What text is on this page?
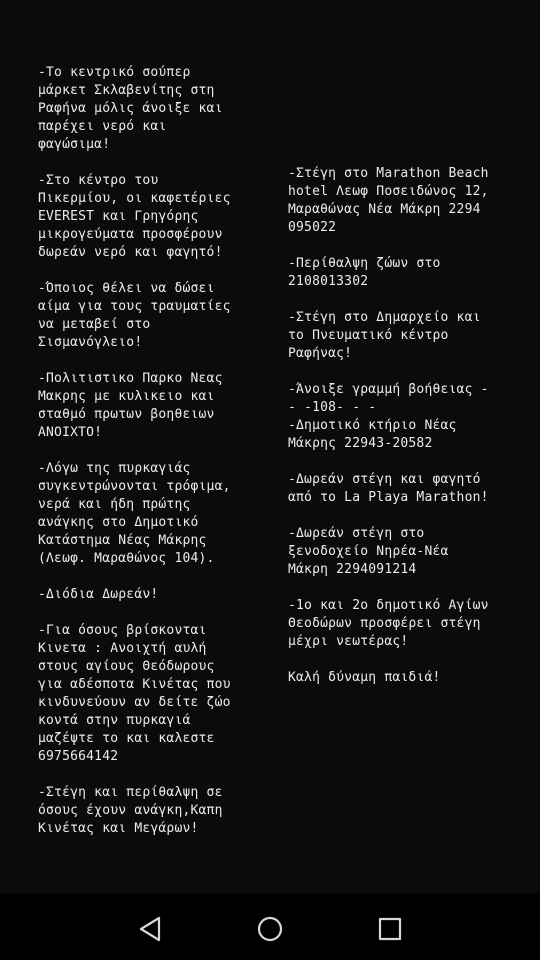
-Το κεντρικό σούπερ
μάρκετ Σκλαβενίτης στη
Ραφήνα μόλις άνοιξε και
παρέχει νερό και
φαγώσιμα!
-Στο κέντρο του
Πικερμίου, οι καφετέριες
EVEREST και Γρηγόρης
μικρογεύματα προσφέρουν
δωρεάν νερό και φαγητό!
-Όποιος θέλει να δώσει
αίμα για τους τραυματίες
να μεταβεί στο
Σισμανόγλειο!
-Πολιτιστικο Παρκο Νεας
Μακρης με κυλικειο και
σταθμό πρωτων βοηθειων
ΑΝΟΙΧΤΟ!
-Λόγω της πυρκαγιάς
συγκεντρώνονται τρόφιμα,
νερά και ήδη πρώτης
ανάγκης στο Δημοτικό
Κατάστημα Νέας Μάκρης
(Λεωφ. Μαραθώνος 104).
-Διόδια Δωρεάν!
-Για όσους βρίσκονται
Κινετα : Ανοιχτή αυλή
στους αγίους Θεόδωρους
για αδέσποτα Κινέτας που
κινδυνεύουν αν δείτε ζώο
κοντά στην πυρκαγιά
μαζέψτε το και καλεστε
6975664142
-Στέγη και περίθαλψη σε
όσους έχουν ανάγκη,Καπη
Κινέτας και Μεγάρων!
-Στέγη στο Marathon Beach
hotel Λεωφ Ποσειδώνος 12,
Μαραθώνας Νέα Μάκρη 2294
095022
-Περίθαλψη ζώων στο
2108013302
-Στέγη στο Δημαρχείο και
το Πνευματικό κέντρο
Ραφήνας!
-Άνοιξε γραμμή βοήθειας -
- -108- - -
-Δημοτικό κτήριο Νέας
Μάκρης 22943-20582
-Δωρεάν στέγη και φαγητό
από το La Playa Marathon!
-Δωρεάν στέγη στο
ξενοδοχείο Νηρέα-Νέα
Μάκρη 2294091214
-1ο και 2ο δημοτικό Αγίων
Θεοδώρων προσφέρει στέγη
μέχρι νεωτέρας!
Καλή δύναμη παιδιά!
